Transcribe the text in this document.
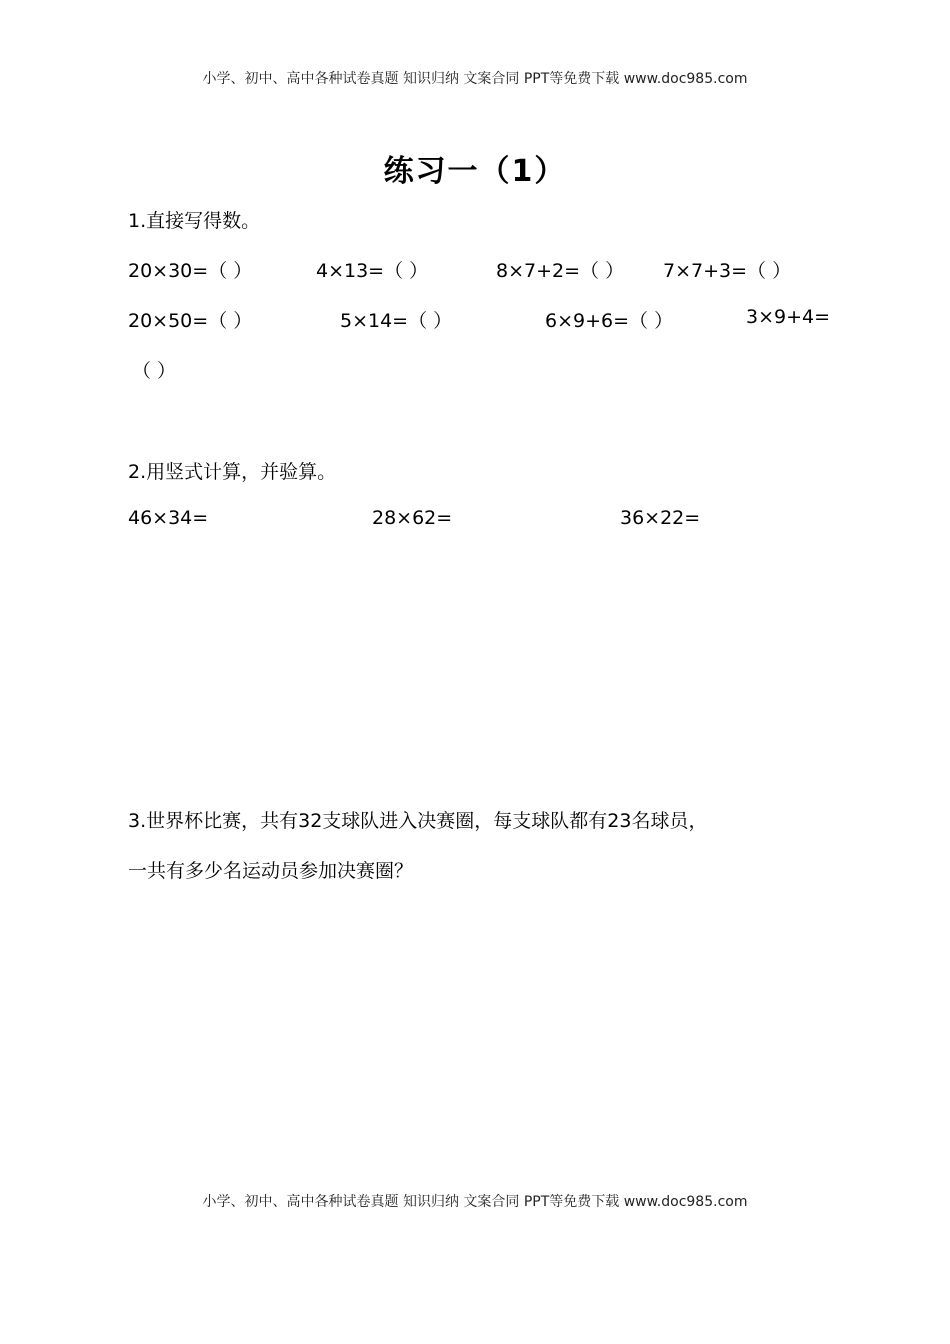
小学、初中、高中各种试卷真题 知识归纳 文案合同 PPT等免费下载 www.doc985.com
练习一（1）
1.直接写得数。
20×30=（ ）	4×13=（ ）	8×7+2=（ ） 7×7+3=（ ）
20×50=（ ）	5×14=（ ）	6×9+6=（ ）	3×9+4=
（ ）
2.用竖式计算，并验算。
46×34=	28×62=	36×22=
3.世界杯比赛，共有32支球队进入决赛圈，每支球队都有23名球员，
一共有多少名运动员参加决赛圈？
小学、初中、高中各种试卷真题 知识归纳 文案合同 PPT等免费下载 www.doc985.com
